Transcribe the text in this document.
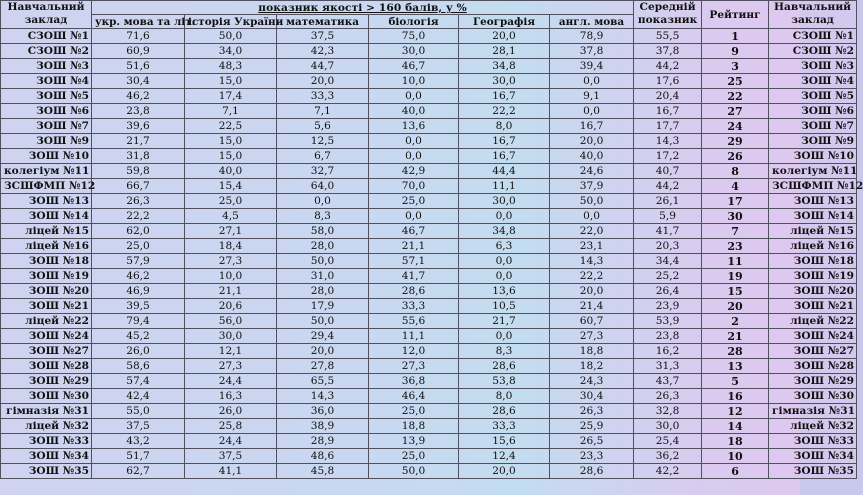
Навчальний заклад	показник якості > 160 балів, у %						Середній показник	Рейтинг	Навчальний заклад
	укр. мова та літ.	історія України	математика	біологія	Географія	англ. мова			
СЗОШ №1	71,6	50,0	37,5	75,0	20,0	78,9	55,5	1	СЗОШ №1
СЗОШ №2	60,9	34,0	42,3	30,0	28,1	37,8	37,8	9	СЗОШ №2
ЗОШ №3	51,6	48,3	44,7	46,7	34,8	39,4	44,2	3	ЗОШ №3
ЗОШ №4	30,4	15,0	20,0	10,0	30,0	0,0	17,6	25	ЗОШ №4
ЗОШ №5	46,2	17,4	33,3	0,0	16,7	9,1	20,4	22	ЗОШ №5
ЗОШ №6	23,8	7,1	7,1	40,0	22,2	0,0	16,7	27	ЗОШ №6
ЗОШ №7	39,6	22,5	5,6	13,6	8,0	16,7	17,7	24	ЗОШ №7
ЗОШ №9	21,7	15,0	12,5	0,0	16,7	20,0	14,3	29	ЗОШ №9
ЗОШ №10	31,8	15,0	6,7	0,0	16,7	40,0	17,2	26	ЗОШ №10
колегіум №11	59,8	40,0	32,7	42,9	44,4	24,6	40,7	8	колегіум №11
ЗСШФМП №12	66,7	15,4	64,0	70,0	11,1	37,9	44,2	4	ЗСШФМП №12
ЗОШ №13	26,3	25,0	0,0	25,0	30,0	50,0	26,1	17	ЗОШ №13
ЗОШ №14	22,2	4,5	8,3	0,0	0,0	0,0	5,9	30	ЗОШ №14
ліцей №15	62,0	27,1	58,0	46,7	34,8	22,0	41,7	7	ліцей №15
ліцей №16	25,0	18,4	28,0	21,1	6,3	23,1	20,3	23	ліцей №16
ЗОШ №18	57,9	27,3	50,0	57,1	0,0	14,3	34,4	11	ЗОШ №18
ЗОШ №19	46,2	10,0	31,0	41,7	0,0	22,2	25,2	19	ЗОШ №19
ЗОШ №20	46,9	21,1	28,0	28,6	13,6	20,0	26,4	15	ЗОШ №20
ЗОШ №21	39,5	20,6	17,9	33,3	10,5	21,4	23,9	20	ЗОШ №21
ліцей №22	79,4	56,0	50,0	55,6	21,7	60,7	53,9	2	ліцей №22
ЗОШ №24	45,2	30,0	29,4	11,1	0,0	27,3	23,8	21	ЗОШ №24
ЗОШ №27	26,0	12,1	20,0	12,0	8,3	18,8	16,2	28	ЗОШ №27
ЗОШ №28	58,6	27,3	27,8	27,3	28,6	18,2	31,3	13	ЗОШ №28
ЗОШ №29	57,4	24,4	65,5	36,8	53,8	24,3	43,7	5	ЗОШ №29
ЗОШ №30	42,4	16,3	14,3	46,4	8,0	30,4	26,3	16	ЗОШ №30
гімназія №31	55,0	26,0	36,0	25,0	28,6	26,3	32,8	12	гімназія №31
ліцей №32	37,5	25,8	38,9	18,8	33,3	25,9	30,0	14	ліцей №32
ЗОШ №33	43,2	24,4	28,9	13,9	15,6	26,5	25,4	18	ЗОШ №33
ЗОШ №34	51,7	37,5	48,6	25,0	12,4	23,3	36,2	10	ЗОШ №34
ЗОШ №35	62,7	41,1	45,8	50,0	20,0	28,6	42,2	6	ЗОШ №35
